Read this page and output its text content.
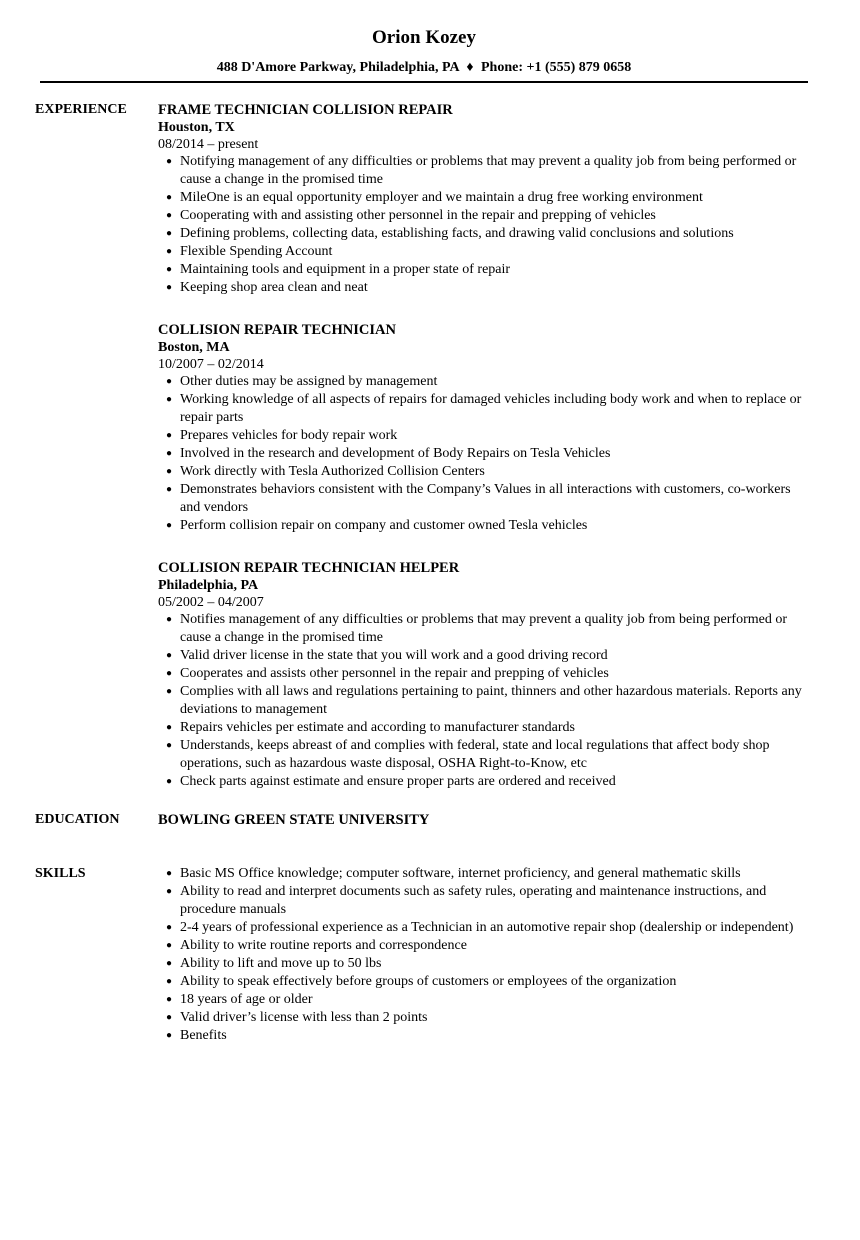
Orion Kozey
488 D'Amore Parkway, Philadelphia, PA ♦ Phone: +1 (555) 879 0658
EXPERIENCE	FRAME TECHNICIAN COLLISION REPAIR
Houston, TX
08/2014 – present
● Notifying management of any difficulties or problems that may prevent a quality job from being performed or cause a change in the promised time
● MileOne is an equal opportunity employer and we maintain a drug free working environment
● Cooperating with and assisting other personnel in the repair and prepping of vehicles
● Defining problems, collecting data, establishing facts, and drawing valid conclusions and solutions
● Flexible Spending Account
● Maintaining tools and equipment in a proper state of repair
● Keeping shop area clean and neat
COLLISION REPAIR TECHNICIAN
Boston, MA
10/2007 – 02/2014
● Other duties may be assigned by management
● Working knowledge of all aspects of repairs for damaged vehicles including body work and when to replace or repair parts
● Prepares vehicles for body repair work
● Involved in the research and development of Body Repairs on Tesla Vehicles
● Work directly with Tesla Authorized Collision Centers
● Demonstrates behaviors consistent with the Company’s Values in all interactions with customers, co-workers and vendors
● Perform collision repair on company and customer owned Tesla vehicles
COLLISION REPAIR TECHNICIAN HELPER
Philadelphia, PA
05/2002 – 04/2007
● Notifies management of any difficulties or problems that may prevent a quality job from being performed or cause a change in the promised time
● Valid driver license in the state that you will work and a good driving record
● Cooperates and assists other personnel in the repair and prepping of vehicles
● Complies with all laws and regulations pertaining to paint, thinners and other hazardous materials. Reports any deviations to management
● Repairs vehicles per estimate and according to manufacturer standards
● Understands, keeps abreast of and complies with federal, state and local regulations that affect body shop operations, such as hazardous waste disposal, OSHA Right-to-Know, etc
● Check parts against estimate and ensure proper parts are ordered and received
EDUCATION	BOWLING GREEN STATE UNIVERSITY
SKILLS	● Basic MS Office knowledge; computer software, internet proficiency, and general mathematic skills
● Ability to read and interpret documents such as safety rules, operating and maintenance instructions, and procedure manuals
● 2-4 years of professional experience as a Technician in an automotive repair shop (dealership or independent)
● Ability to write routine reports and correspondence
● Ability to lift and move up to 50 lbs
● Ability to speak effectively before groups of customers or employees of the organization
● 18 years of age or older
● Valid driver’s license with less than 2 points
● Benefits
